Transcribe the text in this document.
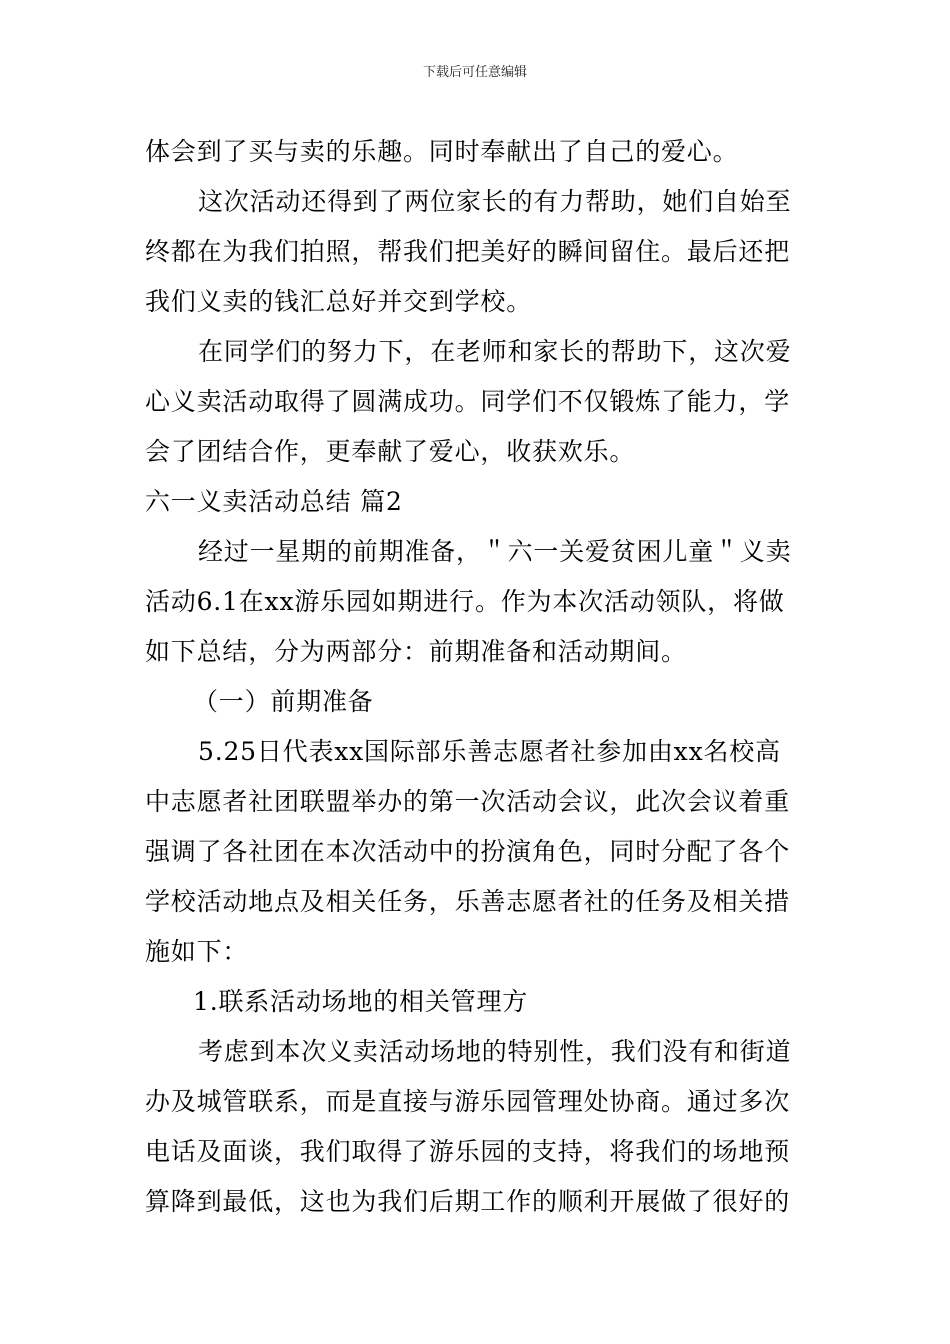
下载后可任意编辑
体会到了买与卖的乐趣。同时奉献出了自己的爱心。
这次活动还得到了两位家长的有力帮助，她们自始至
终都在为我们拍照，帮我们把美好的瞬间留住。最后还把
我们义卖的钱汇总好并交到学校。
在同学们的努力下，在老师和家长的帮助下，这次爱
心义卖活动取得了圆满成功。同学们不仅锻炼了能力，学
会了团结合作，更奉献了爱心，收获欢乐。
六一义卖活动总结 篇2
经过一星期的前期准备，＂六一关爱贫困儿童＂义卖
活动6.1在xx游乐园如期进行。作为本次活动领队，将做
如下总结，分为两部分：前期准备和活动期间。
（一）前期准备
5.25日代表xx国际部乐善志愿者社参加由xx名校高
中志愿者社团联盟举办的第一次活动会议，此次会议着重
强调了各社团在本次活动中的扮演角色，同时分配了各个
学校活动地点及相关任务，乐善志愿者社的任务及相关措
施如下：
1.联系活动场地的相关管理方
考虑到本次义卖活动场地的特别性，我们没有和街道
办及城管联系，而是直接与游乐园管理处协商。通过多次
电话及面谈，我们取得了游乐园的支持，将我们的场地预
算降到最低，这也为我们后期工作的顺利开展做了很好的
